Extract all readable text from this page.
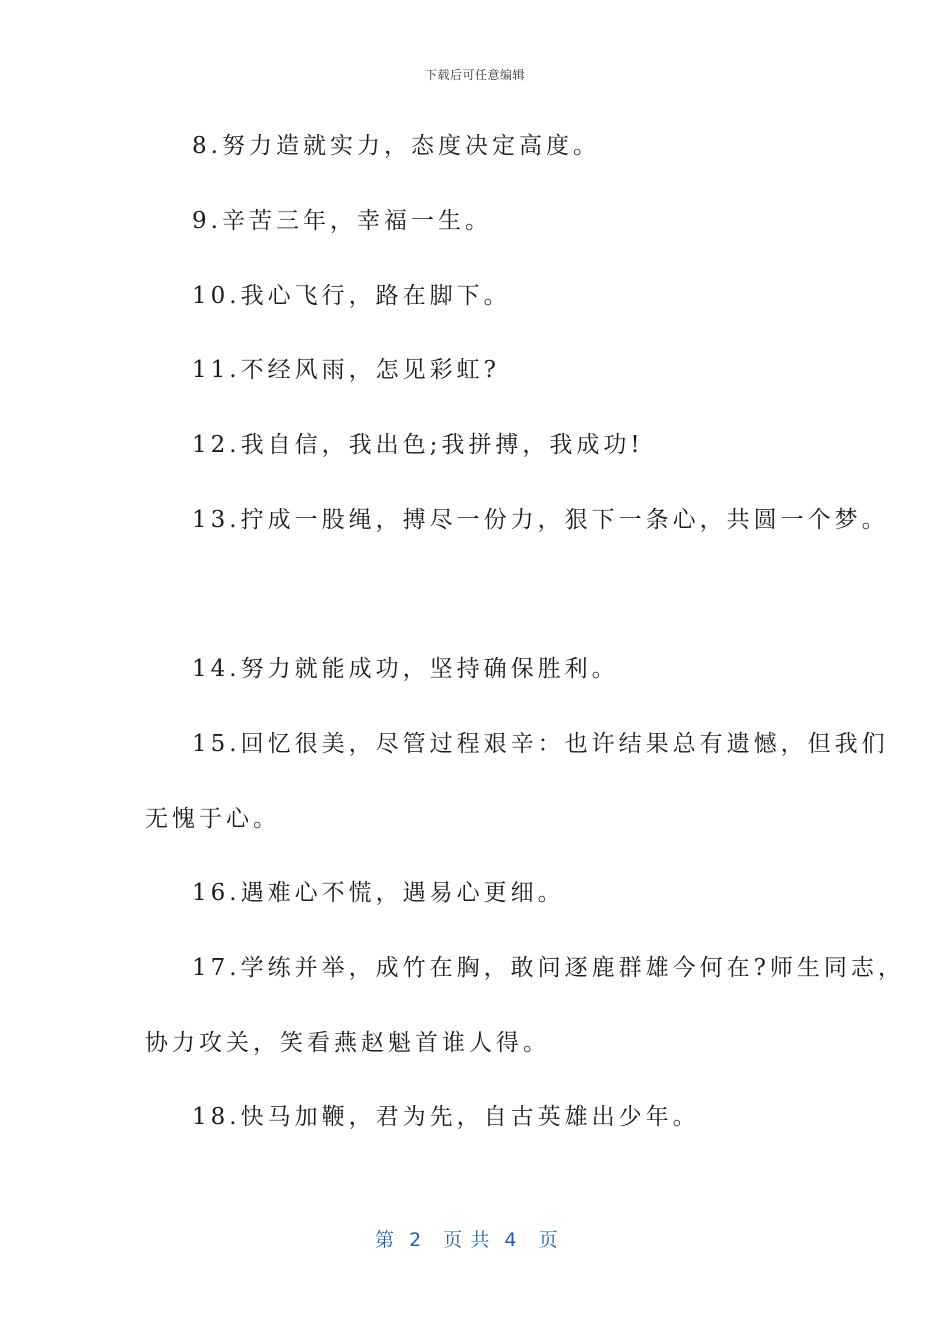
下载后可任意编辑
8.努力造就实力，态度决定高度。
9.辛苦三年，幸福一生。
10.我心飞行，路在脚下。
11.不经风雨，怎见彩虹?
12.我自信，我出色;我拼搏，我成功!
13.拧成一股绳，搏尽一份力，狠下一条心，共圆一个梦。
14.努力就能成功，坚持确保胜利。
15.回忆很美，尽管过程艰辛：也许结果总有遗憾，但我们
无愧于心。
16.遇难心不慌，遇易心更细。
17.学练并举，成竹在胸，敢问逐鹿群雄今何在?师生同志，
协力攻关，笑看燕赵魁首谁人得。
18.快马加鞭，君为先，自古英雄出少年。
第  2   页 共  4   页
